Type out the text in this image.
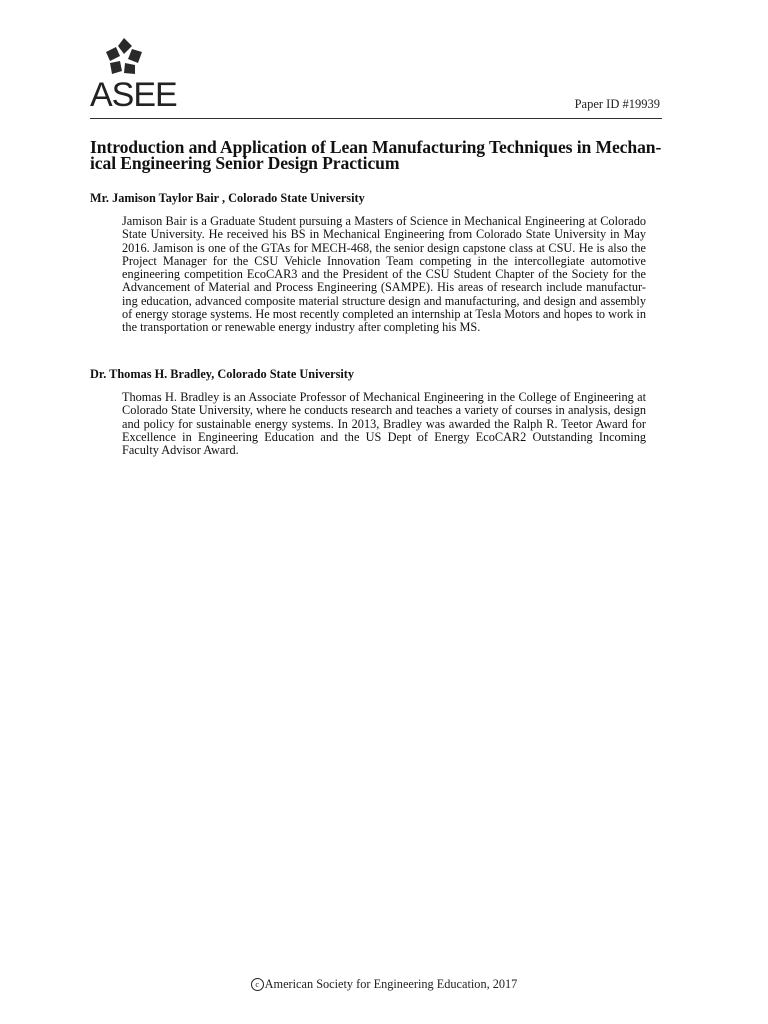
ASEE	Paper ID #19939
Introduction and Application of Lean Manufacturing Techniques in Mechan-ical Engineering Senior Design Practicum

Mr. Jamison Taylor Bair , Colorado State University

Jamison Bair is a Graduate Student pursuing a Masters of Science in Mechanical Engineering at Colorado State University. He received his BS in Mechanical Engineering from Colorado State University in May 2016. Jamison is one of the GTAs for MECH-468, the senior design capstone class at CSU. He is also the Project Manager for the CSU Vehicle Innovation Team competing in the intercollegiate automotive engineering competition EcoCAR3 and the President of the CSU Student Chapter of the Society for the Advancement of Material and Process Engineering (SAMPE). His areas of research include manufactur-ing education, advanced composite material structure design and manufacturing, and design and assembly of energy storage systems. He most recently completed an internship at Tesla Motors and hopes to work in the transportation or renewable energy industry after completing his MS.

Dr. Thomas H. Bradley, Colorado State University

Thomas H. Bradley is an Associate Professor of Mechanical Engineering in the College of Engineering at Colorado State University, where he conducts research and teaches a variety of courses in analysis, design and policy for sustainable energy systems. In 2013, Bradley was awarded the Ralph R. Teetor Award for Excellence in Engineering Education and the US Dept of Energy EcoCAR2 Outstanding Incoming Faculty Advisor Award.

c American Society for Engineering Education, 2017
